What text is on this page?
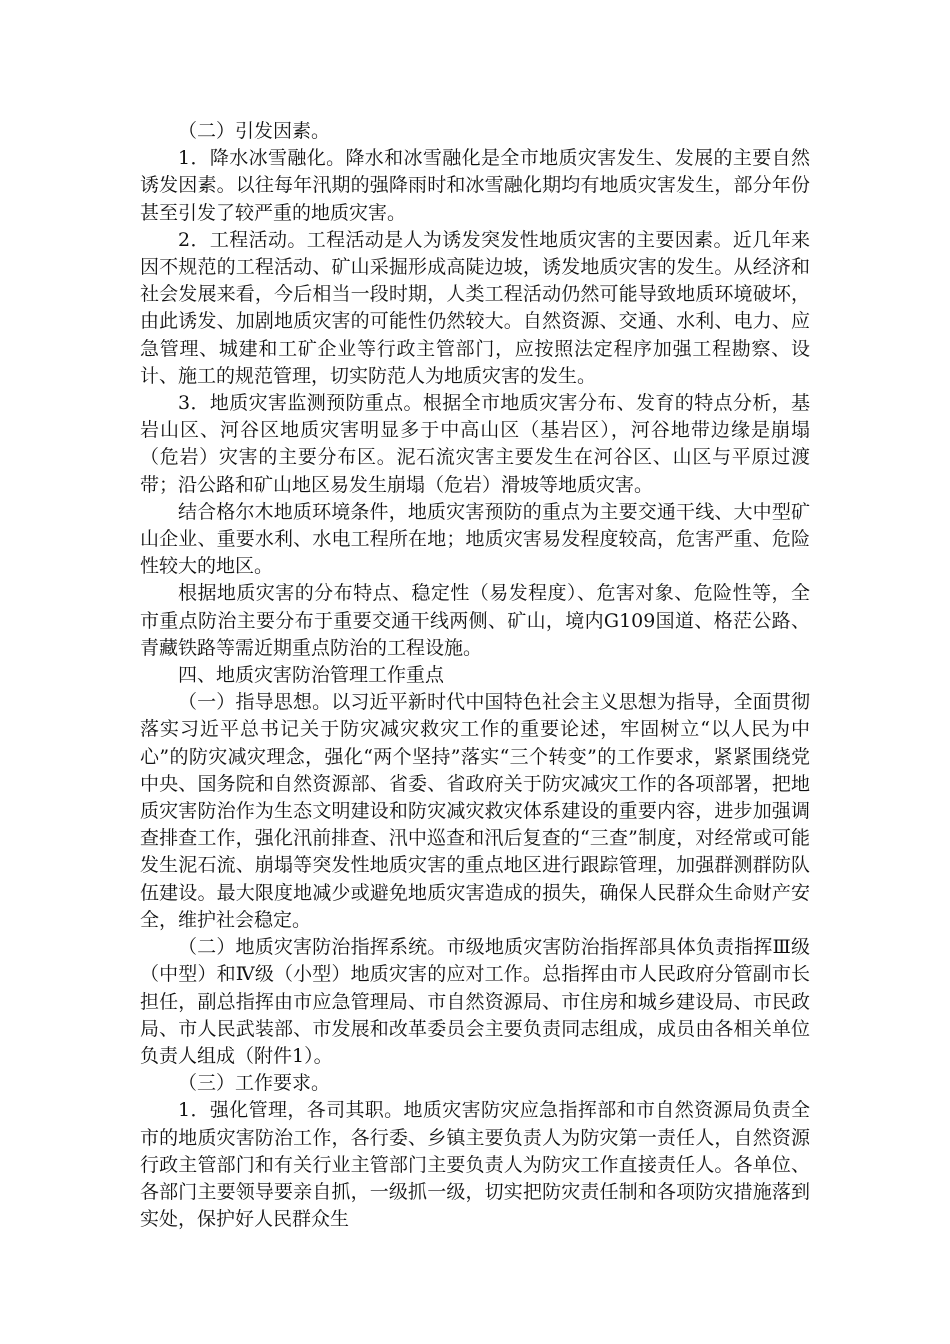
（二）引发因素。

1．降水冰雪融化。降水和冰雪融化是全市地质灾害发生、发展的主要自然诱发因素。以往每年汛期的强降雨时和冰雪融化期均有地质灾害发生，部分年份甚至引发了较严重的地质灾害。

2．工程活动。工程活动是人为诱发突发性地质灾害的主要因素。近几年来因不规范的工程活动、矿山采掘形成高陡边坡，诱发地质灾害的发生。从经济和社会发展来看，今后相当一段时期，人类工程活动仍然可能导致地质环境破坏，由此诱发、加剧地质灾害的可能性仍然较大。自然资源、交通、水利、电力、应急管理、城建和工矿企业等行政主管部门，应按照法定程序加强工程勘察、设计、施工的规范管理，切实防范人为地质灾害的发生。

3．地质灾害监测预防重点。根据全市地质灾害分布、发育的特点分析，基岩山区、河谷区地质灾害明显多于中高山区（基岩区），河谷地带边缘是崩塌（危岩）灾害的主要分布区。泥石流灾害主要发生在河谷区、山区与平原过渡带；沿公路和矿山地区易发生崩塌（危岩）滑坡等地质灾害。

结合格尔木地质环境条件，地质灾害预防的重点为主要交通干线、大中型矿山企业、重要水利、水电工程所在地；地质灾害易发程度较高，危害严重、危险性较大的地区。

根据地质灾害的分布特点、稳定性（易发程度）、危害对象、危险性等，全市重点防治主要分布于重要交通干线两侧、矿山，境内G109国道、格茫公路、青藏铁路等需近期重点防治的工程设施。

四、地质灾害防治管理工作重点

（一）指导思想。以习近平新时代中国特色社会主义思想为指导，全面贯彻落实习近平总书记关于防灾减灾救灾工作的重要论述，牢固树立“以人民为中心”的防灾减灾理念，强化“两个坚持”落实“三个转变”的工作要求，紧紧围绕党中央、国务院和自然资源部、省委、省政府关于防灾减灾工作的各项部署，把地质灾害防治作为生态文明建设和防灾减灾救灾体系建设的重要内容，进步加强调查排查工作，强化汛前排查、汛中巡查和汛后复查的“三查”制度，对经常或可能发生泥石流、崩塌等突发性地质灾害的重点地区进行跟踪管理，加强群测群防队伍建设。最大限度地减少或避免地质灾害造成的损失，确保人民群众生命财产安全，维护社会稳定。

（二）地质灾害防治指挥系统。市级地质灾害防治指挥部具体负责指挥Ⅲ级（中型）和Ⅳ级（小型）地质灾害的应对工作。总指挥由市人民政府分管副市长担任，副总指挥由市应急管理局、市自然资源局、市住房和城乡建设局、市民政局、市人民武装部、市发展和改革委员会主要负责同志组成，成员由各相关单位负责人组成（附件1）。

（三）工作要求。

1．强化管理，各司其职。地质灾害防灾应急指挥部和市自然资源局负责全市的地质灾害防治工作，各行委、乡镇主要负责人为防灾第一责任人，自然资源行政主管部门和有关行业主管部门主要负责人为防灾工作直接责任人。各单位、各部门主要领导要亲自抓，一级抓一级，切实把防灾责任制和各项防灾措施落到实处，保护好人民群众生
